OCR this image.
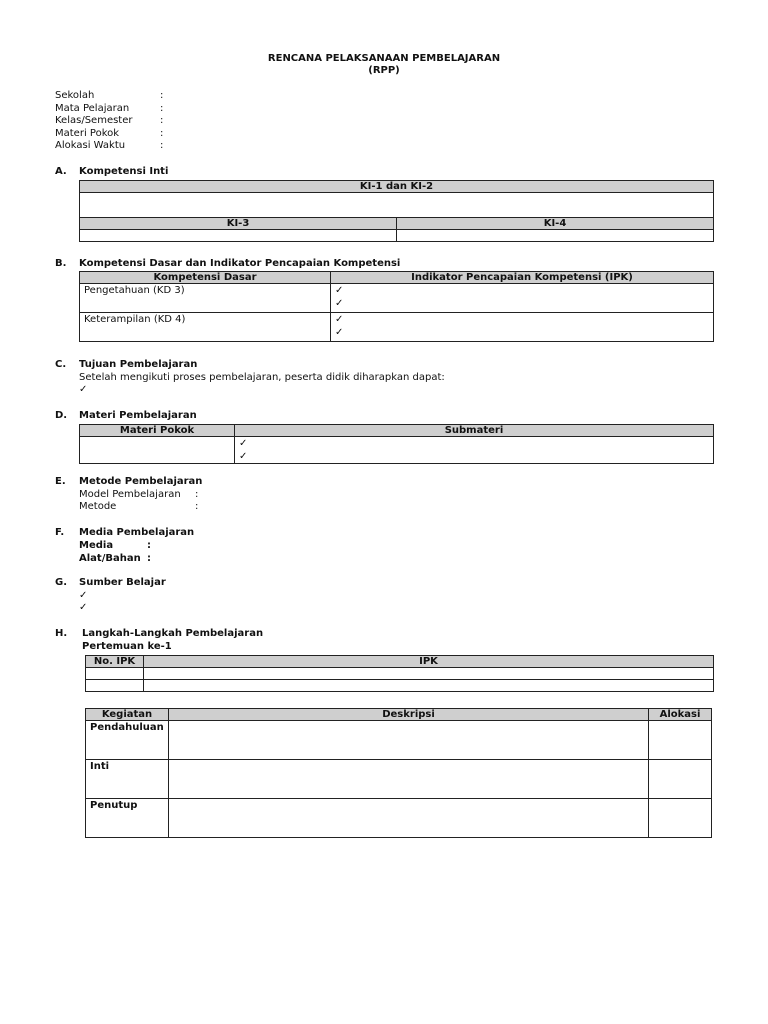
RENCANA PELAKSANAAN PEMBELAJARAN
(RPP)
Sekolah	:
Mata Pelajaran	:
Kelas/Semester	:
Materi Pokok	:
Alokasi Waktu	:
A. Kompetensi Inti
KI-1 dan KI-2	

KI-3	KI-4

B. Kompetensi Dasar dan Indikator Pencapaian Kompetensi
Kompetensi Dasar	Indikator Pencapaian Kompetensi (IPK)
Pengetahuan (KD 3)	✓
✓

Keterampilan (KD 4)	✓
✓
C. Tujuan Pembelajaran
Setelah mengikuti proses pembelajaran, peserta didik diharapkan dapat:
✓
D. Materi Pembelajaran
Materi Pokok	Submateri

	✓
✓
E. Metode Pembelajaran
Model Pembelajaran :
Metode	:
F. Media Pembelajaran
Media	:
Alat/Bahan :
G. Sumber Belajar
✓
✓
H. Langkah-Langkah Pembelajaran
Pertemuan ke-1
No. IPK	IPK

Kegiatan	Deskripsi	Alokasi
Pendahuluan		
Inti		
Penutup		
